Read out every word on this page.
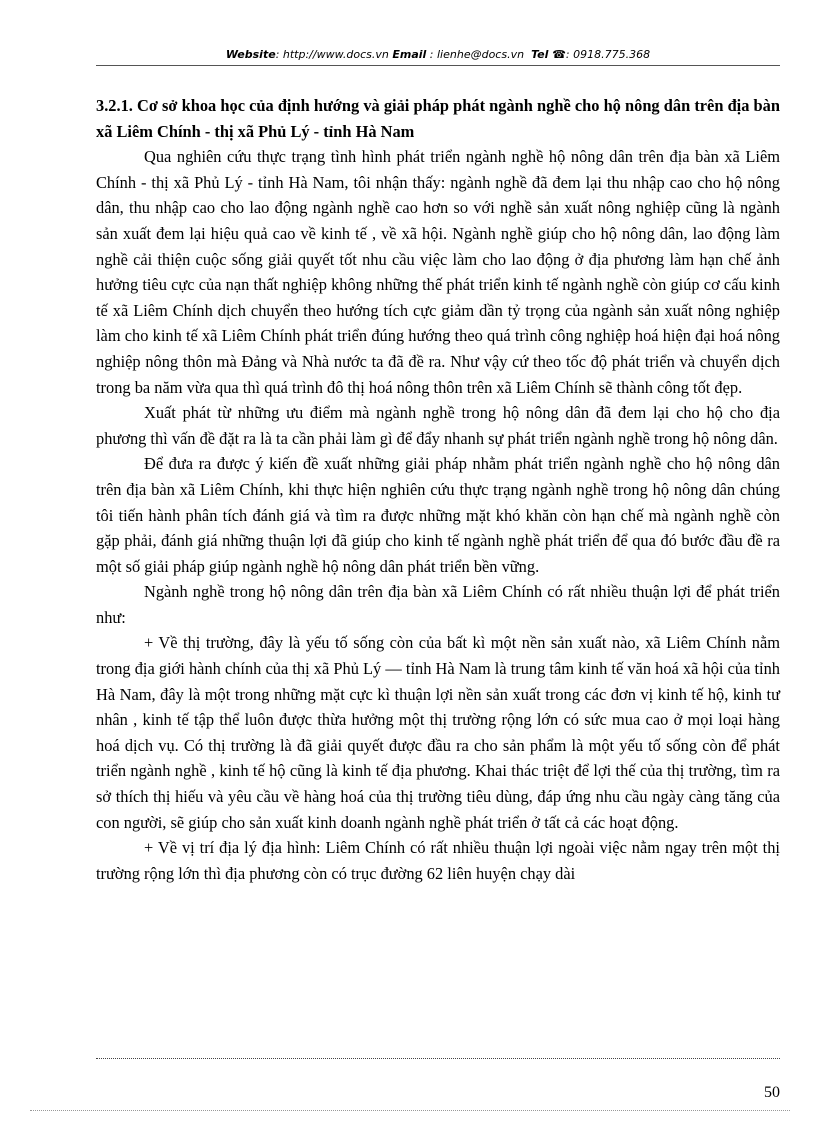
Website: http://www.docs.vn Email : lienhe@docs.vn Tel ☎: 0918.775.368
3.2.1. Cơ sở khoa học của định hướng và giải pháp phát ngành nghề cho hộ nông dân trên địa bàn xã Liêm Chính - thị xã Phủ Lý - tỉnh Hà Nam

Qua nghiên cứu thực trạng tình hình phát triển ngành nghề hộ nông dân trên địa bàn xã Liêm Chính - thị xã Phủ Lý - tỉnh Hà Nam, tôi nhận thấy: ngành nghề đã đem lại thu nhập cao cho hộ nông dân, thu nhập cao cho lao động ngành nghề cao hơn so với nghề sản xuất nông nghiệp cũng là ngành sản xuất đem lại hiệu quả cao về kinh tế , về xã hội. Ngành nghề giúp cho hộ nông dân, lao động làm nghề cải thiện cuộc sống giải quyết tốt nhu cầu việc làm cho lao động ở địa phương làm hạn chế ảnh hưởng tiêu cực của nạn thất nghiệp không những thế phát triển kinh tế ngành nghề còn giúp cơ cấu kinh tế xã Liêm Chính dịch chuyển theo hướng tích cực giảm dần tỷ trọng của ngành sản xuất nông nghiệp làm cho kinh tế xã Liêm Chính phát triển đúng hướng theo quá trình công nghiệp hoá hiện đại hoá nông nghiệp nông thôn mà Đảng và Nhà nước ta đã đề ra. Như vậy cứ theo tốc độ phát triển và chuyển dịch trong ba năm vừa qua thì quá trình đô thị hoá nông thôn trên xã Liêm Chính sẽ thành công tốt đẹp.

Xuất phát từ những ưu điểm mà ngành nghề trong hộ nông dân đã đem lại cho hộ cho địa phương thì vấn đề đặt ra là ta cần phải làm gì để đẩy nhanh sự phát triển ngành nghề trong hộ nông dân.

Để đưa ra được ý kiến đề xuất những giải pháp nhằm phát triển ngành nghề cho hộ nông dân trên địa bàn xã Liêm Chính, khi thực hiện nghiên cứu thực trạng ngành nghề trong hộ nông dân chúng tôi tiến hành phân tích đánh giá và tìm ra được những mặt khó khăn còn hạn chế mà ngành nghề còn gặp phải, đánh giá những thuận lợi đã giúp cho kinh tế ngành nghề phát triển để qua đó bước đầu đề ra một số giải pháp giúp ngành nghề hộ nông dân phát triển bền vững.

Ngành nghề trong hộ nông dân trên địa bàn xã Liêm Chính có rất nhiều thuận lợi để phát triển như:

+ Về thị trường, đây là yếu tố sống còn của bất kì một nền sản xuất nào, xã Liêm Chính nằm trong địa giới hành chính của thị xã Phủ Lý — tỉnh Hà Nam là trung tâm kinh tế văn hoá xã hội của tỉnh Hà Nam, đây là một trong những mặt cực kì thuận lợi nền sản xuất trong các đơn vị kinh tế hộ, kinh tư nhân , kinh tế tập thể luôn được thừa hưởng một thị trường rộng lớn có sức mua cao ở mọi loại hàng hoá dịch vụ. Có thị trường là đã giải quyết được đầu ra cho sản phẩm là một yếu tố sống còn để phát triển ngành nghề , kinh tế hộ cũng là kinh tế địa phương. Khai thác triệt để lợi thế của thị trường, tìm ra sở thích thị hiếu và yêu cầu về hàng hoá của thị trường tiêu dùng, đáp ứng nhu cầu ngày càng tăng của con người, sẽ giúp cho sản xuất kinh doanh ngành nghề phát triển ở tất cả các hoạt động.

+ Về vị trí địa lý địa hình: Liêm Chính có rất nhiều thuận lợi ngoài việc nằm ngay trên một thị trường rộng lớn thì địa phương còn có trục đường 62 liên huyện chạy dài

50
